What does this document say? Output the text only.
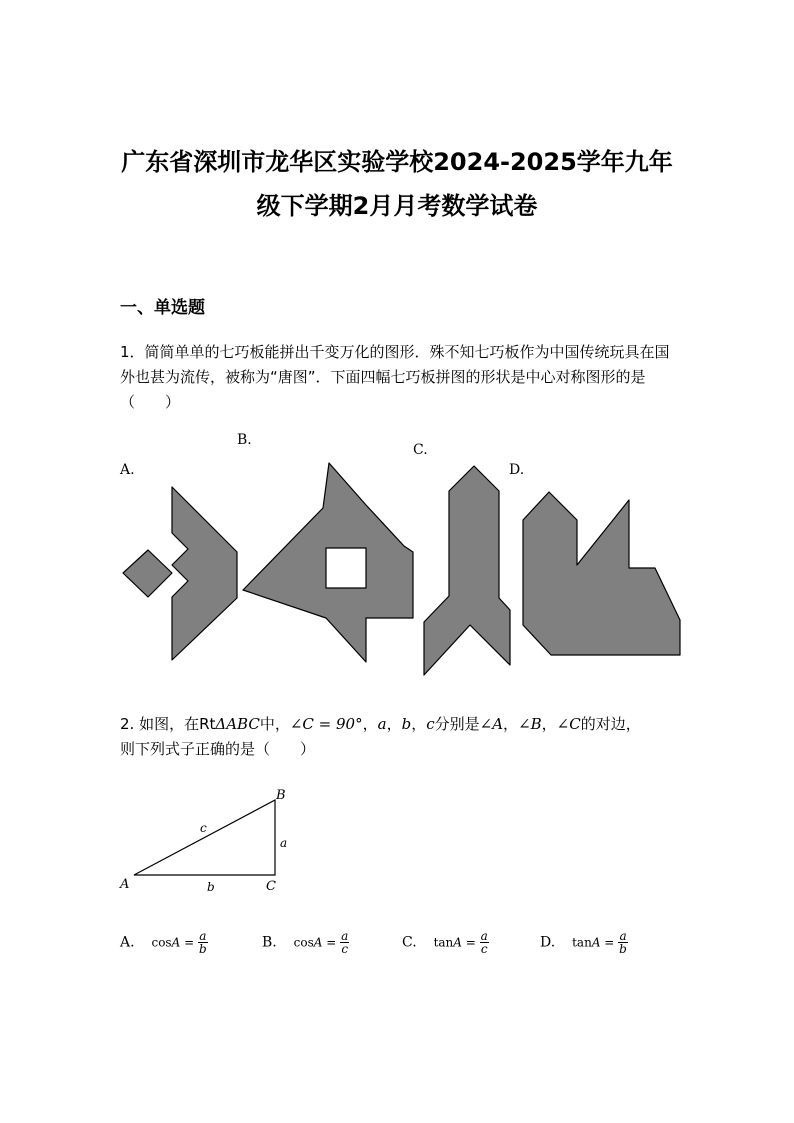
广东省深圳市龙华区实验学校2024-2025学年九年
级下学期2月月考数学试卷
一、单选题
1．简简单单的七巧板能拼出千变万化的图形．殊不知七巧板作为中国传统玩具在国外也甚为流传，被称为“唐图”．下面四幅七巧板拼图的形状是中心对称图形的是（　　）
A.
B.
C.
D.
2. 如图，在RtΔABC中，∠C = 90°，a，b，c分别是∠A，∠B，∠C的对边，
则下列式子正确的是（　　）
A
B
C
a
b
c
A. $\cos A = \frac{a}{b}$	B. $\cos A = \frac{a}{c}$	C. $\tan A = \frac{a}{c}$	D. $\tan A = \frac{a}{b}$
